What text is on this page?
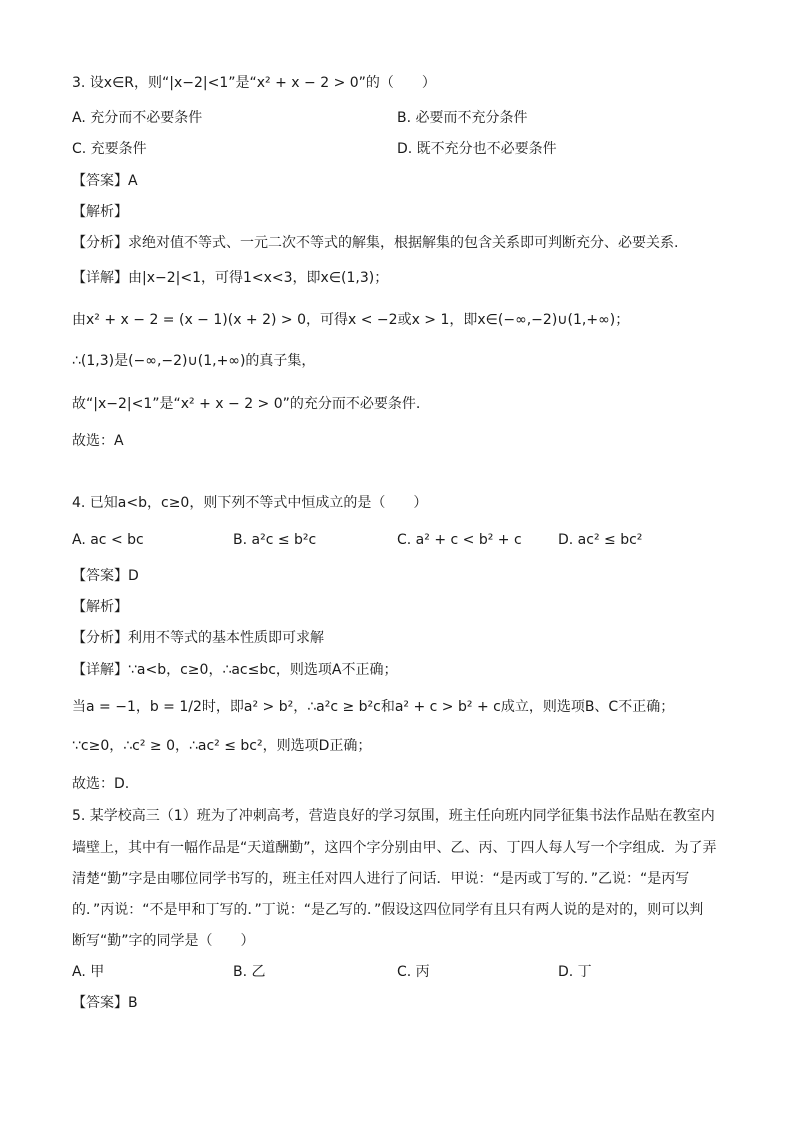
3. 设x∈R，则“|x−2|<1”是“x² + x − 2 > 0”的（　　）
A. 充分而不必要条件	B. 必要而不充分条件
C. 充要条件	D. 既不充分也不必要条件
【答案】A
【解析】
【分析】求绝对值不等式、一元二次不等式的解集，根据解集的包含关系即可判断充分、必要关系.
【详解】由|x−2|<1，可得1<x<3，即x∈(1,3)；
由x² + x − 2 = (x − 1)(x + 2) > 0，可得x < −2或x > 1，即x∈(−∞,−2)∪(1,+∞)；
∴(1,3)是(−∞,−2)∪(1,+∞)的真子集，
故“|x−2|<1”是“x² + x − 2 > 0”的充分而不必要条件.
故选：A
4. 已知a<b，c≥0，则下列不等式中恒成立的是（　　）
A. ac < bc	B. a²c ≤ b²c	C. a² + c < b² + c	D. ac² ≤ bc²
【答案】D
【解析】
【分析】利用不等式的基本性质即可求解
【详解】∵a<b，c≥0，∴ac≤bc，则选项A不正确；
当a = −1，b = 1/2时，即a² > b²，∴a²c ≥ b²c和a² + c > b² + c成立，则选项B、C不正确；
∵c≥0，∴c² ≥ 0，∴ac² ≤ bc²，则选项D正确；
故选：D.
5. 某学校高三（1）班为了冲刺高考，营造良好的学习氛围，班主任向班内同学征集书法作品贴在教室内
墙壁上，其中有一幅作品是“天道酬勤”，这四个字分别由甲、乙、丙、丁四人每人写一个字组成．为了弄
清楚“勤”字是由哪位同学书写的，班主任对四人进行了问话．甲说：“是丙或丁写的．”乙说：“是丙写
的．”丙说：“不是甲和丁写的．”丁说：“是乙写的．”假设这四位同学有且只有两人说的是对的，则可以判
断写“勤”字的同学是（　　）
A. 甲	B. 乙	C. 丙	D. 丁
【答案】B
